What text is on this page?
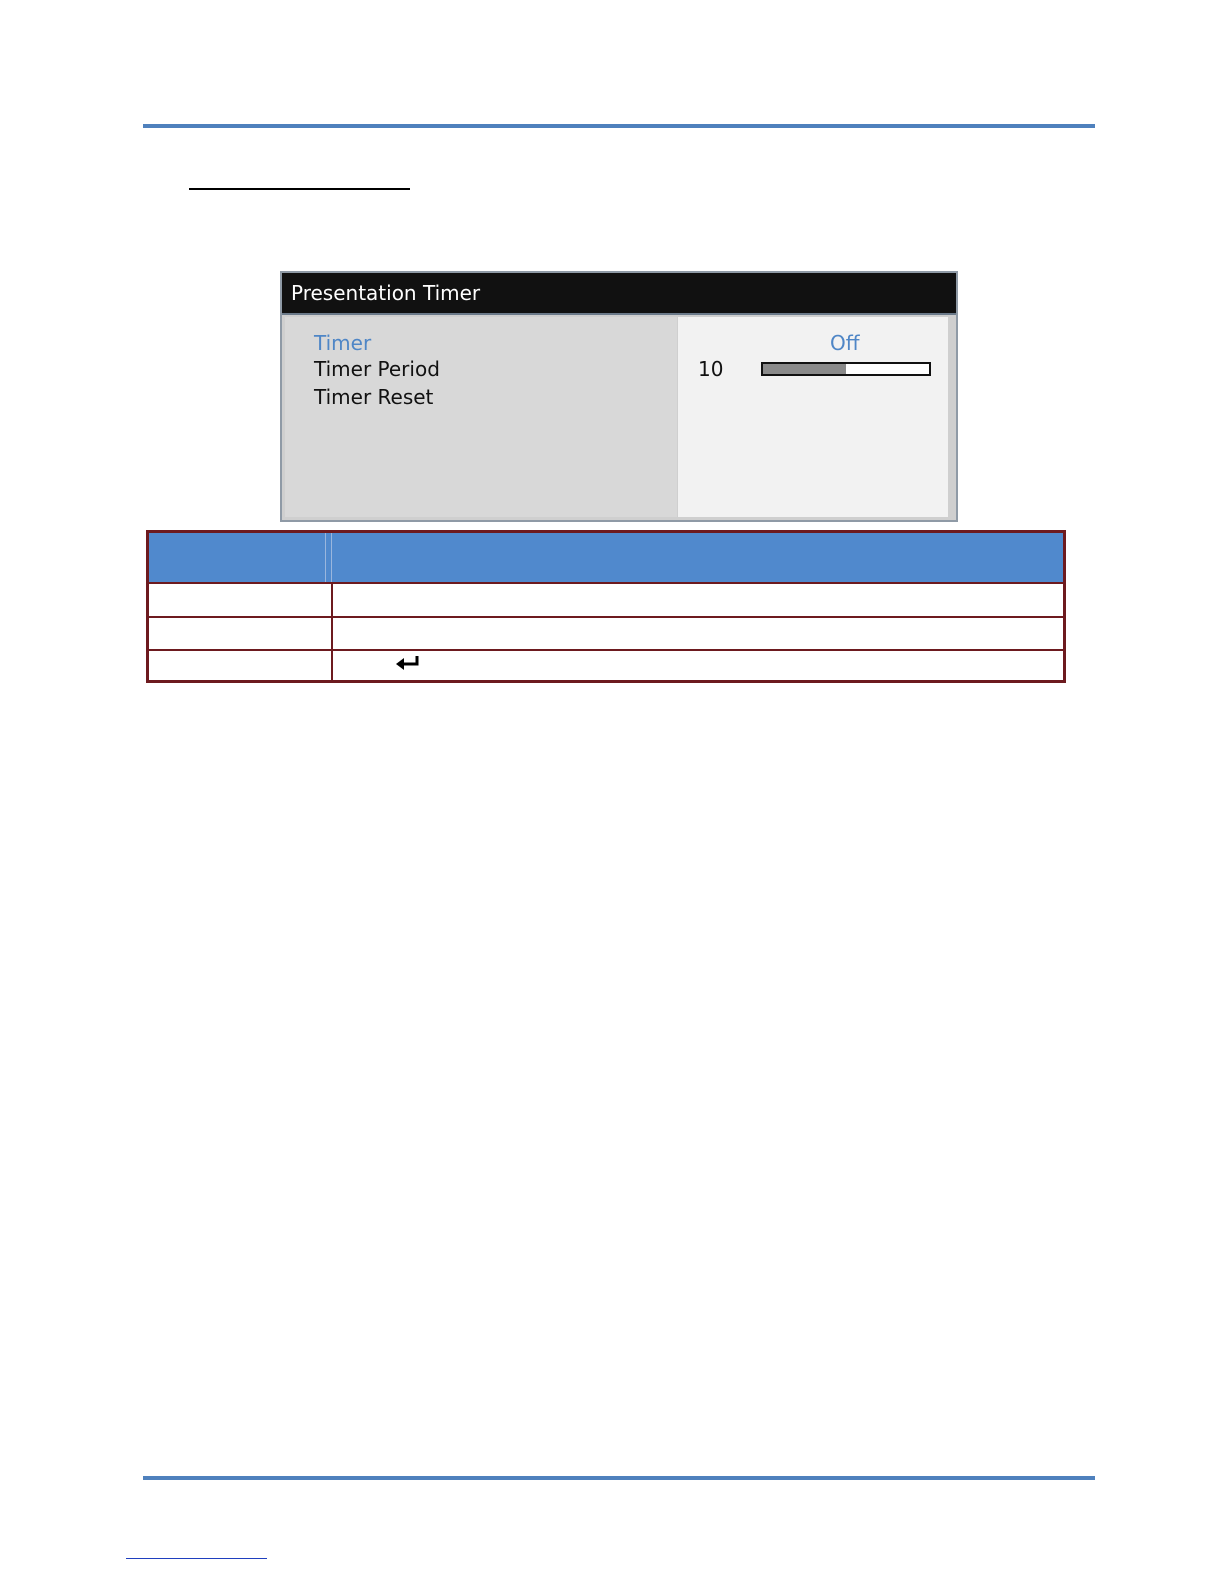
Presentation Timer
Timer
Timer Period
Timer Reset
Off
10
